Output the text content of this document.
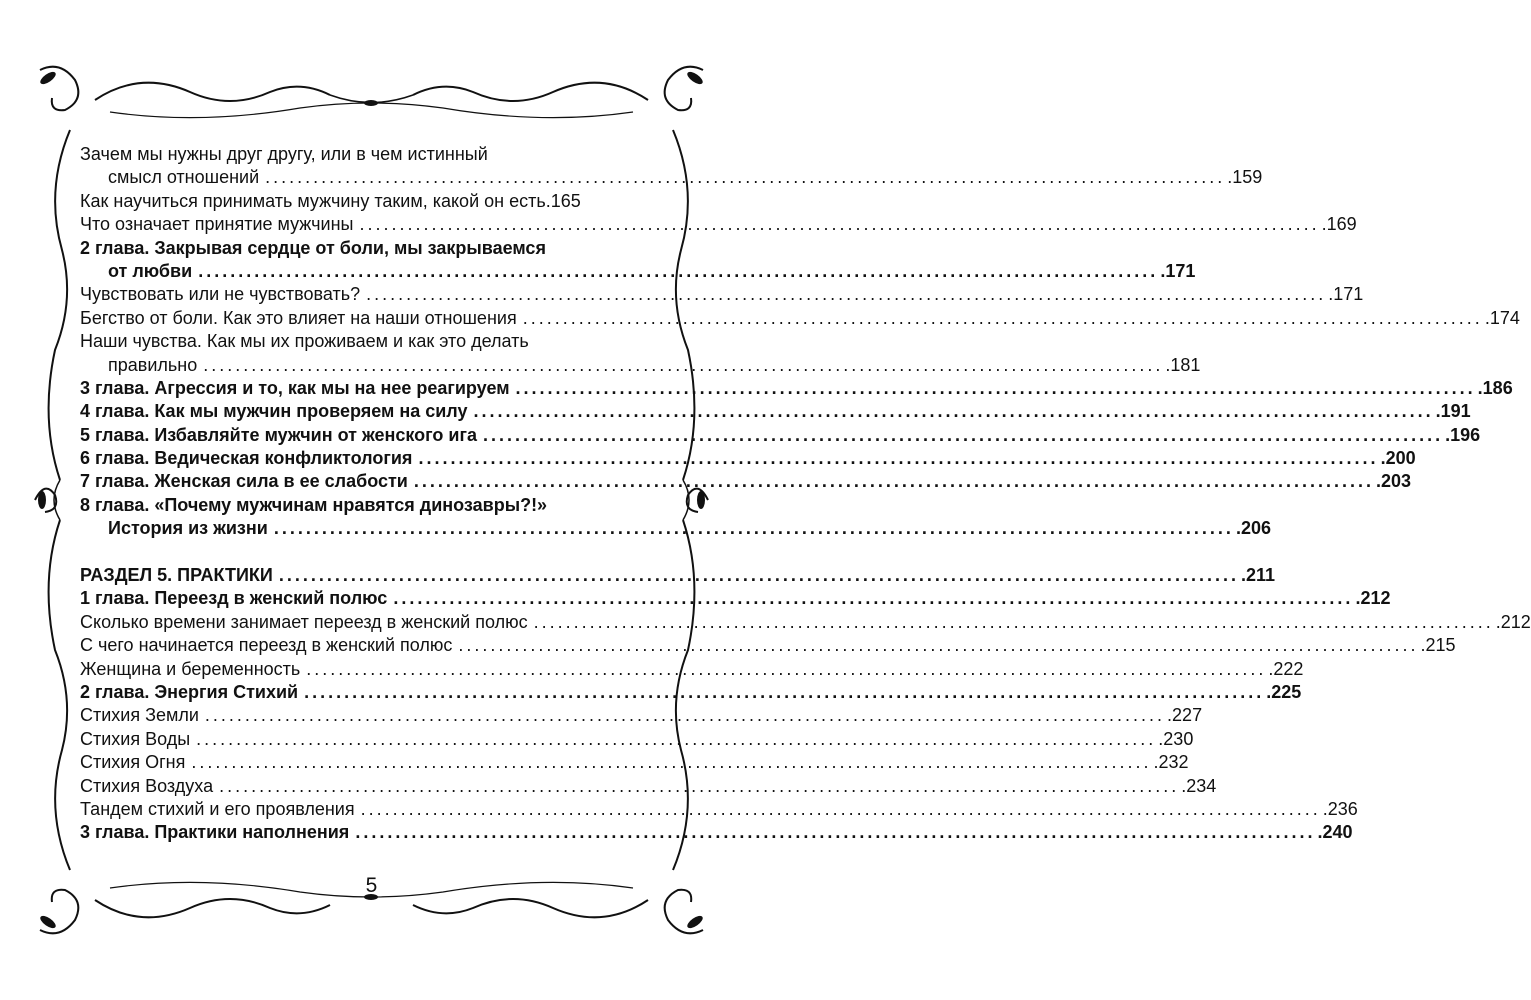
Зачем мы нужны друг другу, или в чем истинный
смысл отношений ........................................................................................................................ .159
Как научиться принимать мужчину таким, какой он есть .165
Что означает принятие мужчины ........................................................................................................................ .169
2 глава. Закрывая сердце от боли, мы закрываемся
от любви ........................................................................................................................ .171
Чувствовать или не чувствовать? ........................................................................................................................ .171
Бегство от боли. Как это влияет на наши отношения ........................................................................................................................ .174
Наши чувства. Как мы их проживаем и как это делать
правильно ........................................................................................................................ .181
3 глава. Агрессия и то, как мы на нее реагируем ........................................................................................................................ .186
4 глава. Как мы мужчин проверяем на силу ........................................................................................................................ .191
5 глава. Избавляйте мужчин от женского ига ........................................................................................................................ .196
6 глава. Ведическая конфликтология ........................................................................................................................ .200
7 глава. Женская сила в ее слабости ........................................................................................................................ .203
8 глава. «Почему мужчинам нравятся динозавры?!»
История из жизни ........................................................................................................................ .206
РАЗДЕЛ 5. ПРАКТИКИ ........................................................................................................................ .211
1 глава. Переезд в женский полюс ........................................................................................................................ .212
Сколько времени занимает переезд в женский полюс ........................................................................................................................ .212
С чего начинается переезд в женский полюс ........................................................................................................................ .215
Женщина и беременность ........................................................................................................................ .222
2 глава. Энергия Стихий ........................................................................................................................ .225
Стихия Земли ........................................................................................................................ .227
Стихия Воды ........................................................................................................................ .230
Стихия Огня ........................................................................................................................ .232
Стихия Воздуха ........................................................................................................................ .234
Тандем стихий и его проявления ........................................................................................................................ .236
3 глава. Практики наполнения ........................................................................................................................ .240
5
